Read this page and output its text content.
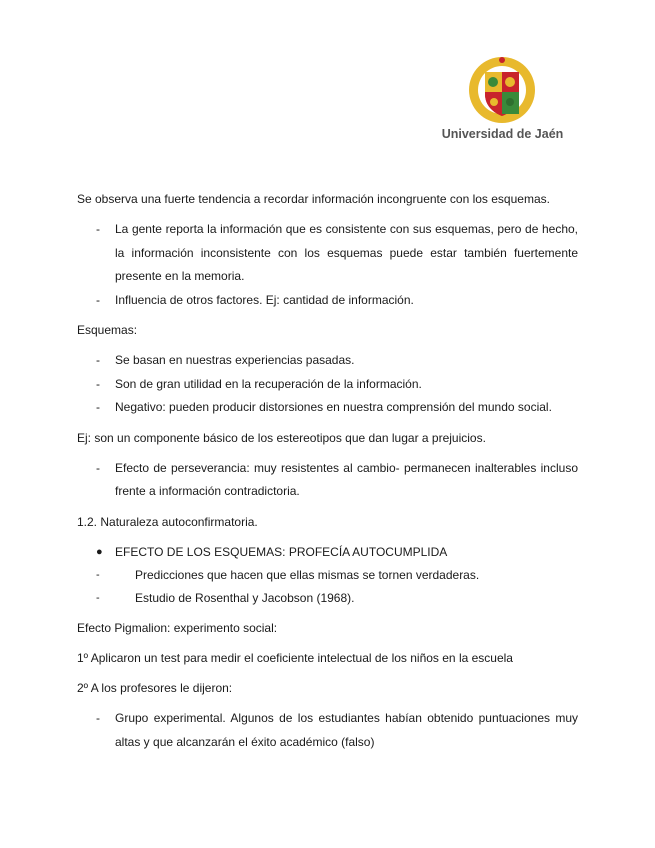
Universidad de Jaén

Se observa una fuerte tendencia a recordar información incongruente con los esquemas.

- La gente reporta la información que es consistente con sus esquemas, pero de hecho, la información inconsistente con los esquemas puede estar también fuertemente presente en la memoria.
- Influencia de otros factores. Ej: cantidad de información.

Esquemas:

- Se basan en nuestras experiencias pasadas.
- Son de gran utilidad en la recuperación de la información.
- Negativo: pueden producir distorsiones en nuestra comprensión del mundo social.

Ej: son un componente básico de los estereotipos que dan lugar a prejuicios.

- Efecto de perseverancia: muy resistentes al cambio- permanecen inalterables incluso frente a información contradictoria.

1.2. Naturaleza autoconfirmatoria.

● EFECTO DE LOS ESQUEMAS: PROFECÍA AUTOCUMPLIDA
-	Predicciones que hacen que ellas mismas se tornen verdaderas.
-	Estudio de Rosenthal y Jacobson (1968).

Efecto Pigmalion: experimento social:

1º Aplicaron un test para medir el coeficiente intelectual de los niños en la escuela

2º A los profesores le dijeron:

- Grupo experimental. Algunos de los estudiantes habían obtenido puntuaciones muy altas y que alcanzarán el éxito académico (falso)
